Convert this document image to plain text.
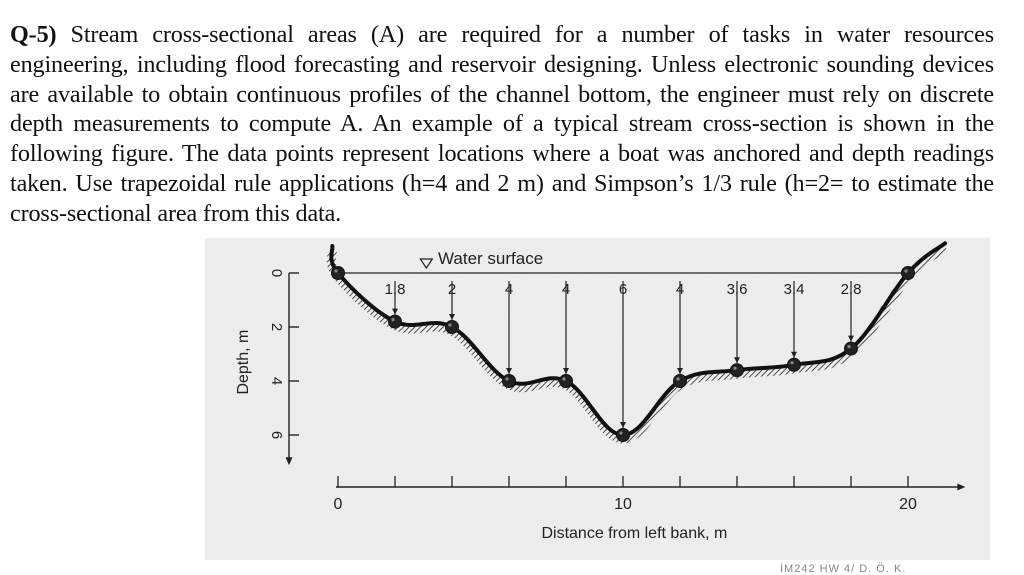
Q-5) Stream cross-sectional areas (A) are required for a number of tasks in water resources engineering, including flood forecasting and reservoir designing. Unless electronic sounding devices are available to obtain continuous profiles of the channel bottom, the engineer must rely on discrete depth measurements to compute A. An example of a typical stream cross-section is shown in the following figure. The data points represent locations where a boat was anchored and depth readings taken. Use trapezoidal rule applications (h=4 and 2 m) and Simpson’s 1/3 rule (h=2= to estimate the cross-sectional area from this data.

0
2
4
6
Depth, m
0	10	20
Distance from left bank, m
1.8	2	4	4	6	4	3.6 3.4 2.8
Water surface
İM242 HW 4/ D. Ö. K.
